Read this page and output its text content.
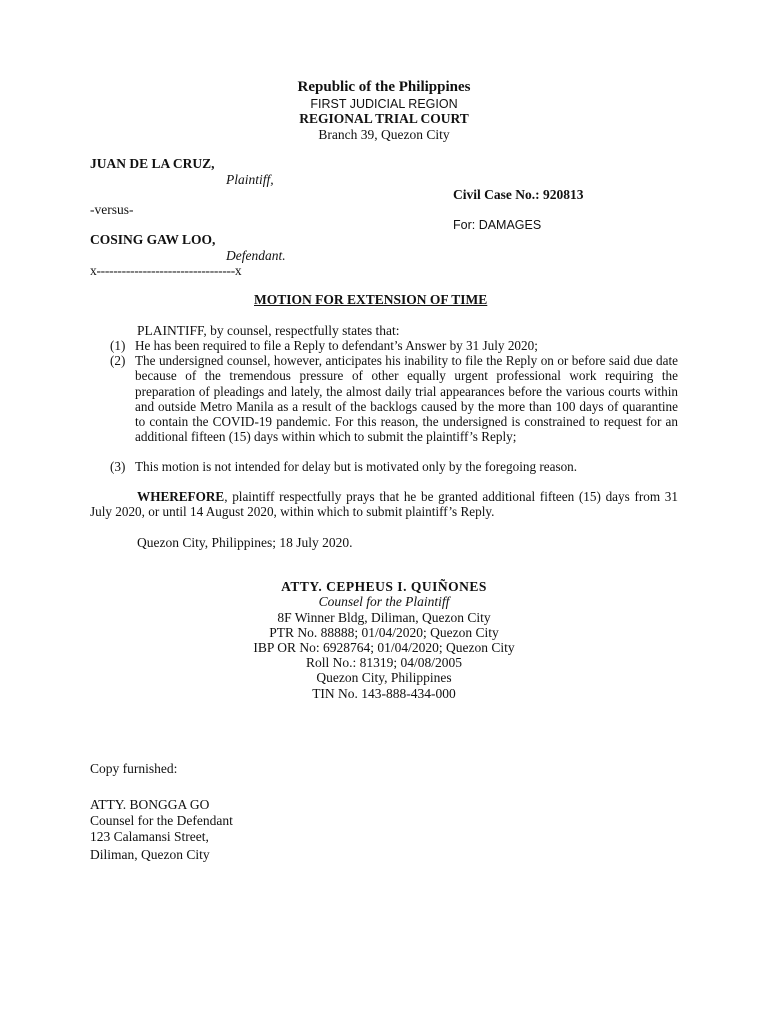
Republic of the Philippines
FIRST JUDICIAL REGION
REGIONAL TRIAL COURT
Branch 39, Quezon City
JUAN DE LA CRUZ,
Plaintiff,
Civil Case No.: 920813
-versus-
For: DAMAGES
COSING GAW LOO,
Defendant.
x---------------------------------x
MOTION FOR EXTENSION OF TIME
PLAINTIFF, by counsel, respectfully states that:
(1) He has been required to file a Reply to defendant’s Answer by 31 July 2020;
(2) The undersigned counsel, however, anticipates his inability to file the Reply on or before said due date because of the tremendous pressure of other equally urgent professional work requiring the preparation of pleadings and lately, the almost daily trial appearances before the various courts within and outside Metro Manila as a result of the backlogs caused by the more than 100 days of quarantine to contain the COVID-19 pandemic. For this reason, the undersigned is constrained to request for an additional fifteen (15) days within which to submit the plaintiff’s Reply;
(3) This motion is not intended for delay but is motivated only by the foregoing reason.
WHEREFORE, plaintiff respectfully prays that he be granted additional fifteen (15) days from 31 July 2020, or until 14 August 2020, within which to submit plaintiff’s Reply.
Quezon City, Philippines; 18 July 2020.
ATTY. CEPHEUS I. QUIÑONES
Counsel for the Plaintiff
8F Winner Bldg, Diliman, Quezon City
PTR No. 88888; 01/04/2020; Quezon City
IBP OR No: 6928764; 01/04/2020; Quezon City
Roll No.: 81319; 04/08/2005
Quezon City, Philippines
TIN No. 143-888-434-000
Copy furnished:
ATTY. BONGGA GO
Counsel for the Defendant
123 Calamansi Street,
Diliman, Quezon City
